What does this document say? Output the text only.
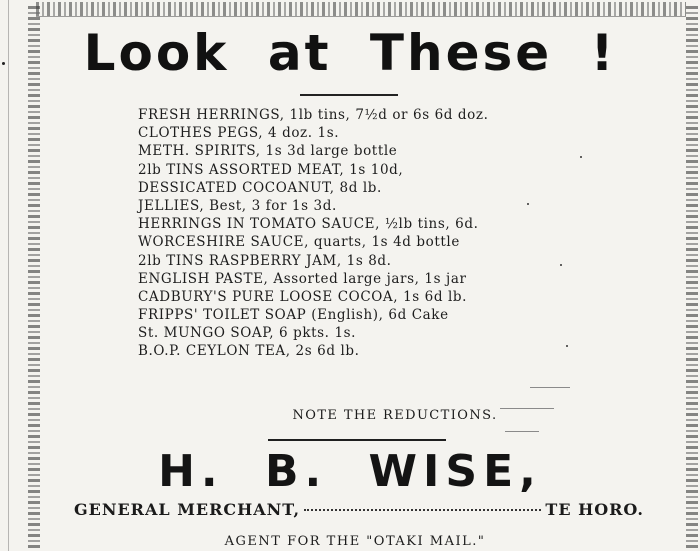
Look at These !
FRESH HERRINGS, 1lb tins, 7½d or 6s 6d doz.
CLOTHES PEGS, 4 doz. 1s.
METH. SPIRITS, 1s 3d large bottle
2lb TINS ASSORTED MEAT, 1s 10d,
DESSICATED COCOANUT, 8d lb.
JELLIES, Best, 3 for 1s 3d.
HERRINGS IN TOMATO SAUCE, ½lb tins, 6d.
WORCESHIRE SAUCE, quarts, 1s 4d bottle
2lb TINS RASPBERRY JAM, 1s 8d.
ENGLISH PASTE, Assorted large jars, 1s jar
CADBURY'S PURE LOOSE COCOA, 1s 6d lb.
FRIPPS' TOILET SOAP (English), 6d Cake
St. MUNGO SOAP, 6 pkts. 1s.
B.O.P. CEYLON TEA, 2s 6d lb.
NOTE THE REDUCTIONS.
H. B. WISE,
GENERAL MERCHANT,	TE HORO.
AGENT FOR THE "OTAKI MAIL."
